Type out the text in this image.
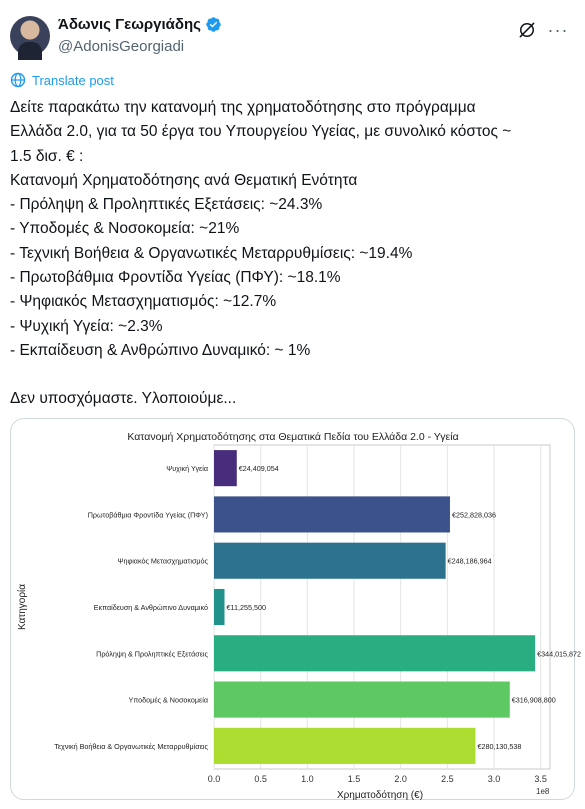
Άδωνις Γεωργιάδης
@AdonisGeorgiadi
···
Translate post
Δείτε παρακάτω την κατανομή της χρηματοδότησης στο πρόγραμμα
Ελλάδα 2.0, για τα 50 έργα του Υπουργείου Υγείας, με συνολικό κόστος ~
1.5 δισ. € :
Κατανομή Χρηματοδότησης ανά Θεματική Ενότητα
- Πρόληψη & Προληπτικές Εξετάσεις: ~24.3%
- Υποδομές & Νοσοκομεία: ~21%
- Τεχνική Βοήθεια & Οργανωτικές Μεταρρυθμίσεις: ~19.4%
- Πρωτοβάθμια Φροντίδα Υγείας (ΠΦΥ): ~18.1%
- Ψηφιακός Μετασχηματισμός: ~12.7%
- Ψυχική Υγεία: ~2.3%
- Εκπαίδευση & Ανθρώπινο Δυναμικό: ~ 1%
Δεν υποσχόμαστε. Υλοποιούμε...
0.0	0.5	1.0	1.5	2.0	2.5	3.0	3.5
Κατανομή Χρηματοδότησης στα Θεματικά Πεδία του Ελλάδα 2.0 - Υγεία
Χρηματοδότηση (€)	1e8
Κατηγορία
Ψυχική Υγεία	€24,409,054
Πρωτοβάθμια Φροντίδα Υγείας (ΠΦΥ)	€252,828,036
Ψηφιακός Μετασχηματισμός	€248,186,964
Εκπαίδευση & Ανθρώπινο Δυναμικό	€11,255,500
Πρόληψη & Προληπτικές Εξετάσεις	€344,015,872
Υποδομές & Νοσοκομεία	€316,908,800
Τεχνική Βοήθεια & Οργανωτικές Μεταρρυθμίσεις	€280,130,538
